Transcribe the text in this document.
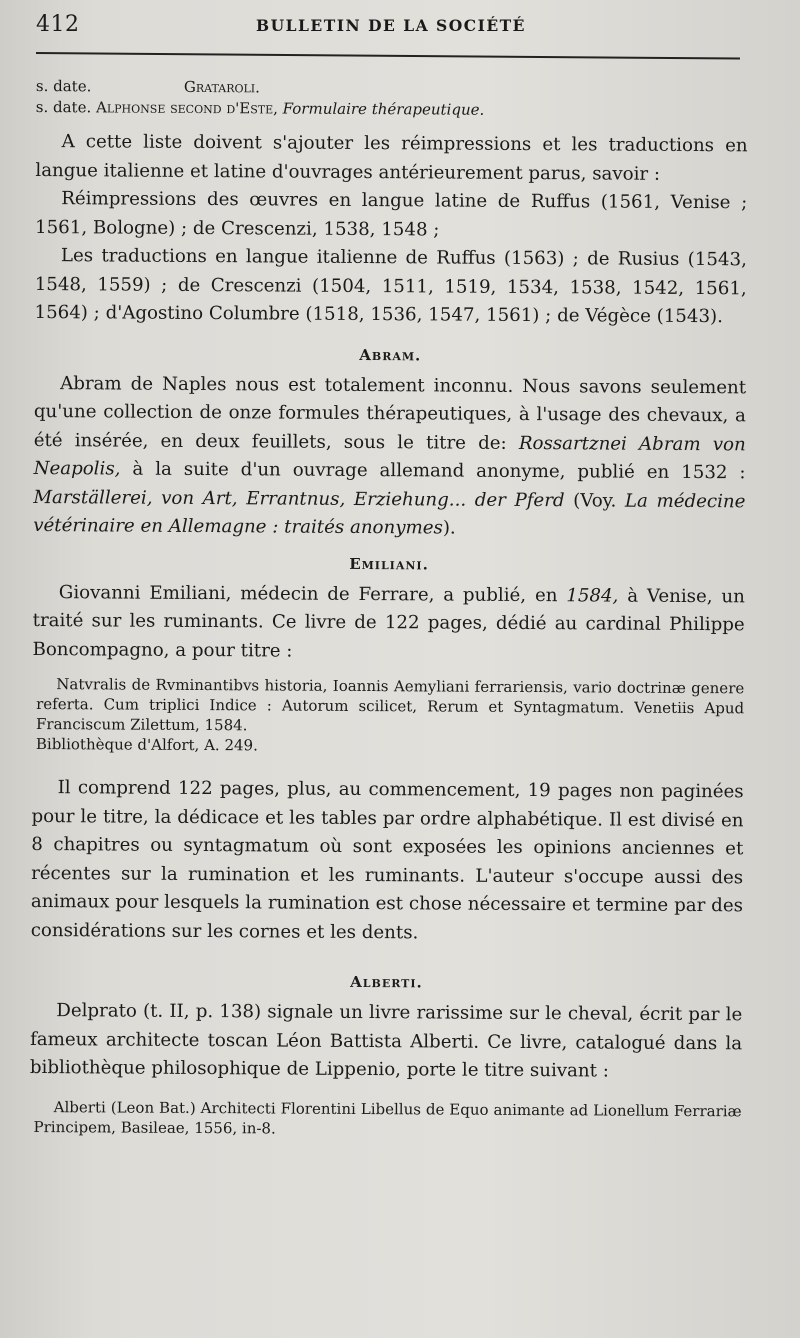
412	BULLETIN DE LA SOCIÉTÉ
s. date.	Grataroli.
s. date. Alphonse second d'Este, Formulaire thérapeutique.

A cette liste doivent s'ajouter les réimpressions et les traductions en langue italienne et latine d'ouvrages antérieurement parus, savoir :

Réimpressions des œuvres en langue latine de Ruffus (1561, Venise ; 1561, Bologne) ; de Crescenzi, 1538, 1548 ;

Les traductions en langue italienne de Ruffus (1563) ; de Rusius (1543, 1548, 1559) ; de Crescenzi (1504, 1511, 1519, 1534, 1538, 1542, 1561, 1564) ; d'Agostino Columbre (1518, 1536, 1547, 1561) ; de Végèce (1543).

Abram.

Abram de Naples nous est totalement inconnu. Nous savons seulement qu'une collection de onze formules thérapeutiques, à l'usage des chevaux, a été insérée, en deux feuillets, sous le titre de: Rossartznei Abram von Neapolis, à la suite d'un ouvrage allemand anonyme, publié en 1532 : Marställerei, von Art, Errantnus, Erziehung... der Pferd (Voy. La médecine vétérinaire en Allemagne : traités anonymes).

Emiliani.

Giovanni Emiliani, médecin de Ferrare, a publié, en 1584, à Venise, un traité sur les ruminants. Ce livre de 122 pages, dédié au cardinal Philippe Boncompagno, a pour titre :

Natvralis de Rvminantibvs historia, Ioannis Aemyliani ferrariensis, vario doctrinæ genere referta. Cum triplici Indice : Autorum scilicet, Rerum et Syntagmatum. Venetiis Apud Franciscum Zilettum, 1584.

Bibliothèque d'Alfort, A. 249.

Il comprend 122 pages, plus, au commencement, 19 pages non paginées pour le titre, la dédicace et les tables par ordre alphabétique. Il est divisé en 8 chapitres ou syntagmatum où sont exposées les opinions anciennes et récentes sur la rumination et les ruminants. L'auteur s'occupe aussi des animaux pour lesquels la rumination est chose nécessaire et termine par des considérations sur les cornes et les dents.

Alberti.

Delprato (t. II, p. 138) signale un livre rarissime sur le cheval, écrit par le fameux architecte toscan Léon Battista Alberti. Ce livre, catalogué dans la bibliothèque philosophique de Lippenio, porte le titre suivant :

Alberti (Leon Bat.) Architecti Florentini Libellus de Equo animante ad Lionellum Ferrariæ Principem, Basileae, 1556, in-8.
